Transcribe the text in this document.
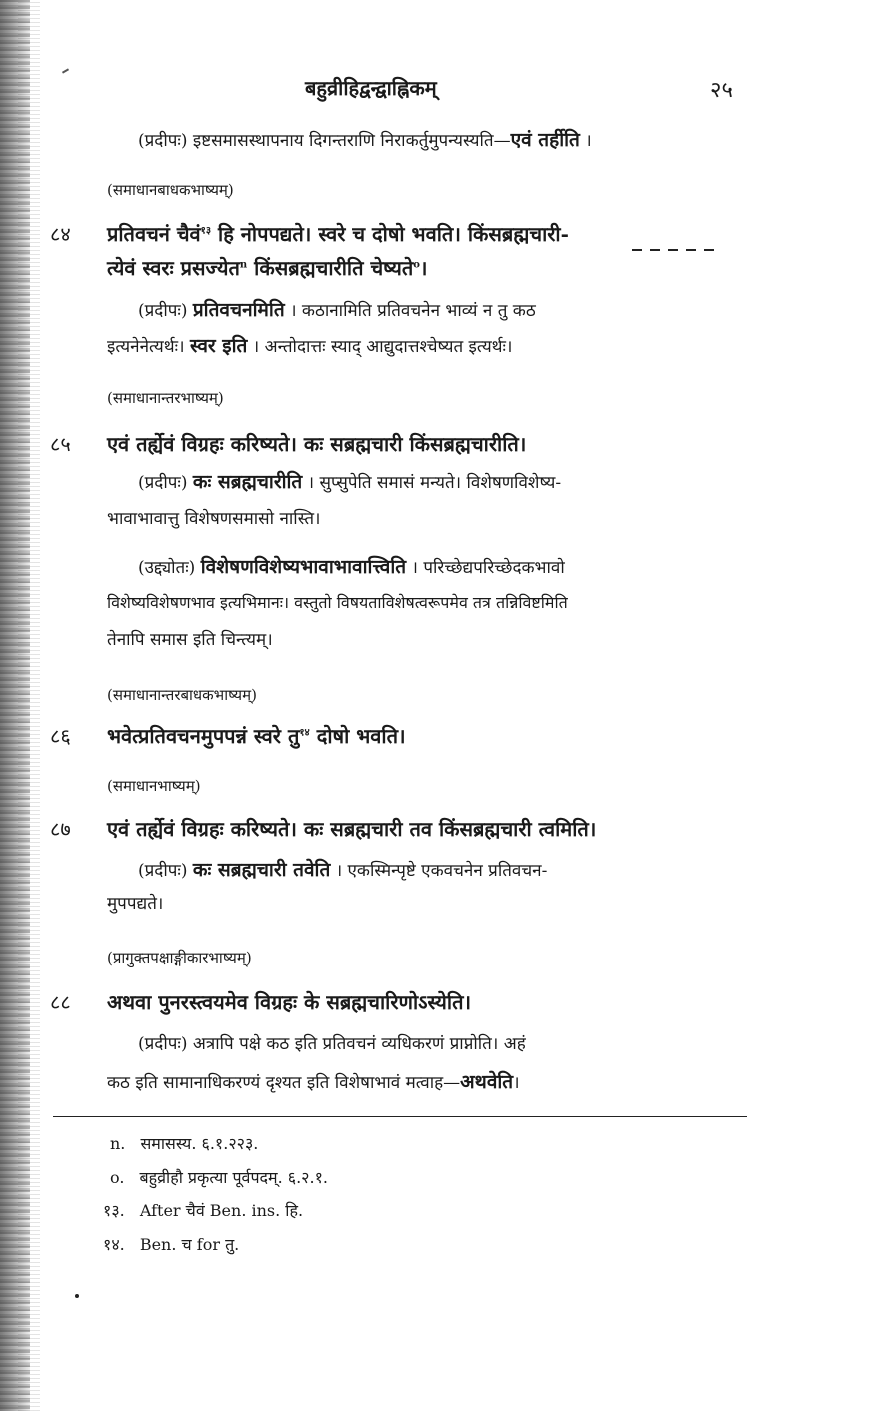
बहुव्रीहिद्वन्द्वाह्निकम्	२५
(प्रदीपः) इष्टसमासस्थापनाय दिगन्तराणि निराकर्तुमुपन्यस्यति—एवं तर्हीति ।
(समाधानबाधकभाष्यम्)
८४ प्रतिवचनं चैवं$^{१३}$ हि नोपपद्यते। स्वरे च दोषो भवति। किंसब्रह्मचारी-
त्येवं स्वरः प्रसज्येत$^n$ किंसब्रह्मचारीति चेष्यते$^o$।
(प्रदीपः) प्रतिवचनमिति । कठानामिति प्रतिवचनेन भाव्यं न तु कठ
इत्यनेनेत्यर्थः। स्वर इति । अन्तोदात्तः स्याद् आद्युदात्तश्चेष्यत इत्यर्थः।
(समाधानान्तरभाष्यम्)
८५ एवं तर्ह्येवं विग्रहः करिष्यते। कः सब्रह्मचारी किंसब्रह्मचारीति।
(प्रदीपः) कः सब्रह्मचारीति । सुप्सुपेति समासं मन्यते। विशेषणविशेष्य-
भावाभावात्तु विशेषणसमासो नास्ति।
(उद्द्योतः) विशेषणविशेष्यभावाभावात्त्विति । परिच्छेद्यपरिच्छेदकभावो
विशेष्यविशेषणभाव इत्यभिमानः। वस्तुतो विषयताविशेषत्वरूपमेव तत्र तन्निविष्टमिति
तेनापि समास इति चिन्त्यम्।
(समाधानान्तरबाधकभाष्यम्)
८६ भवेत्प्रतिवचनमुपपन्नं स्वरे तु$^{१४}$ दोषो भवति।
(समाधानभाष्यम्)
८७ एवं तर्ह्येवं विग्रहः करिष्यते। कः सब्रह्मचारी तव किंसब्रह्मचारी त्वमिति।
(प्रदीपः) कः सब्रह्मचारी तवेति । एकस्मिन्पृष्टे एकवचनेन प्रतिवचन-
मुपपद्यते।
(प्रागुक्तपक्षाङ्गीकारभाष्यम्)
८८ अथवा पुनरस्त्वयमेव विग्रहः के सब्रह्मचारिणोऽस्येति।
(प्रदीपः) अत्रापि पक्षे कठ इति प्रतिवचनं व्यधिकरणं प्राप्नोति। अहं
कठ इति सामानाधिकरण्यं दृश्यत इति विशेषाभावं मत्वाह—अथवेति।
n. समासस्य. ६.१.२२३.
o. बहुव्रीहौ प्रकृत्या पूर्वपदम्. ६.२.१.
१३. After चैवं Ben. ins. हि.
१४. Ben. च for तु.
